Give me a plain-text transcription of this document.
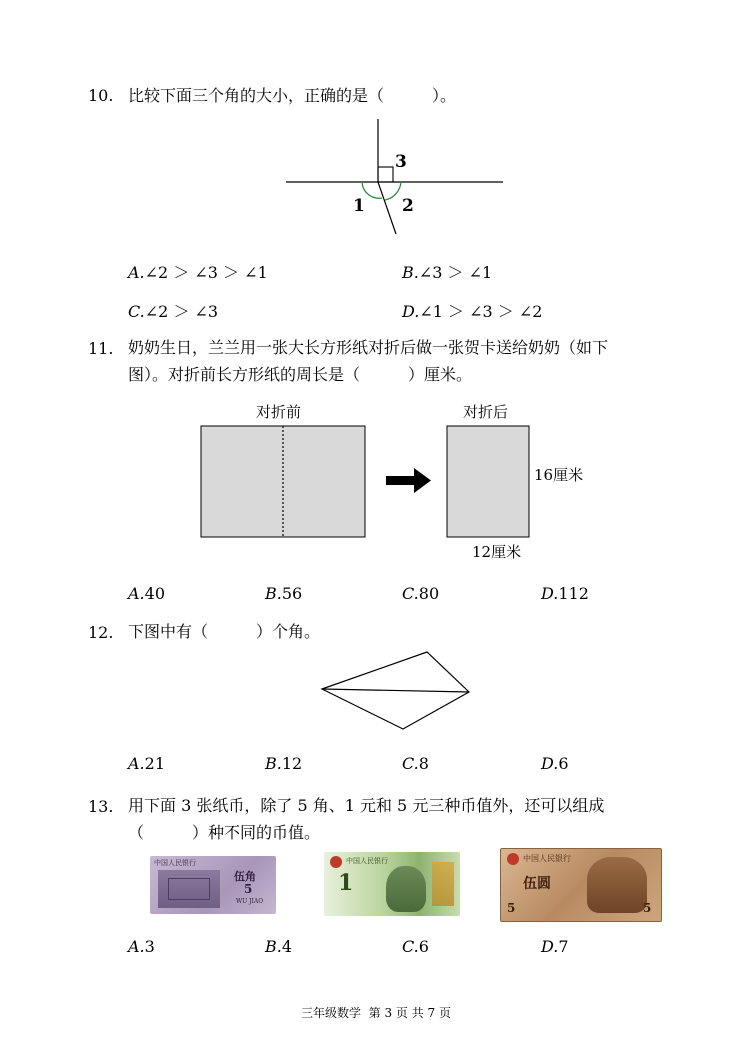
10. 比较下面三个角的大小，正确的是（　　　）。
1 2
3
A.∠2 ＞ ∠3 ＞ ∠1	B.∠3 ＞ ∠1
C.∠2 ＞ ∠3	D.∠1 ＞ ∠3 ＞ ∠2
11. 奶奶生日，兰兰用一张大长方形纸对折后做一张贺卡送给奶奶（如下
图）。对折前长方形纸的周长是（　　　）厘米。
对折前	对折后
16厘米
12厘米
A.40	B.56	C.80	D.112
12. 下图中有（　　　）个角。
A.21	B.12	C.8	D.6
13. 用下面 3 张纸币，除了 5 角、1 元和 5 元三种币值外，还可以组成
（　　　）种不同的币值。
中国人民银行
伍角
5
WU JIAO
中国人民银行
1
中国人民银行
伍圆
5	5
A.3	B.4	C.6	D.7
三年级数学  第 3 页 共 7 页
